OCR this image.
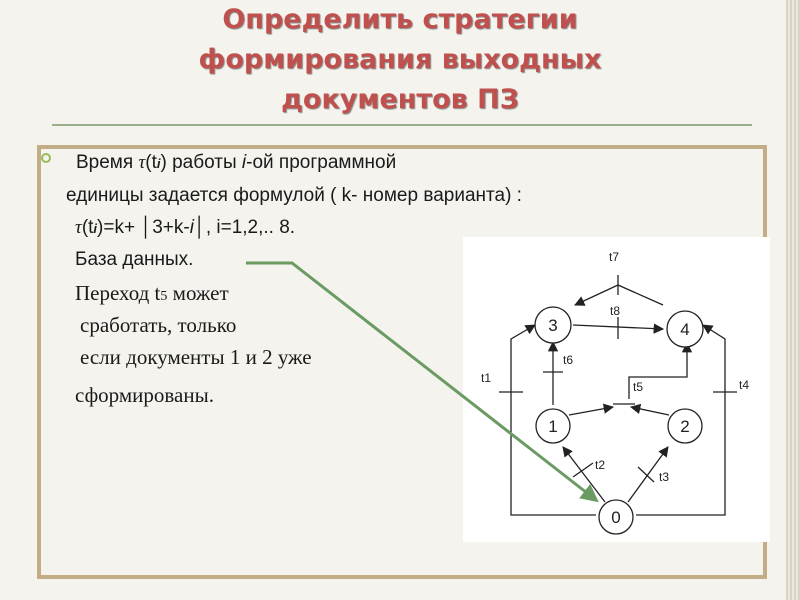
Определить стратегии
формирования выходных
документов ПЗ
Время τ(ti) работы i-ой программной
единицы задается формулой ( k- номер варианта) :
τ(ti)=k+ │3+k-i│, i=1,2,.. 8.
База данных.
Переход t5 может
сработать, только
если документы 1 и 2 уже
сформированы.
0
1	2
3	4
t1
t2
t3
t4
t5
t6
t7
t8
